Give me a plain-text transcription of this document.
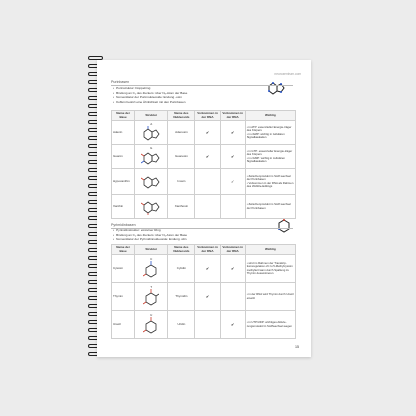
neurozentrum.com
Purinbasen
• Purinstruktur: Doppelring
• Bindung an C₁ des Zuckers: über N₉-Atom der Base
• Nomenklatur der Purinnukleoside: Endung -osin
• Koffein besitzt eine Ähnlichkeit mit den Purinbasen
Name der Base	Struktur	Name des Nukleosids	Vorkommen in der DNA	Vorkommen in der RNA	Wichtig
Adenin	A	Adenosin	✔	✔	• in ATP: essenzieller Energie-träger des Körpers
• in cAMP: wichtig in zellulären Signalkaskaden

Guanin	G	Guanosin	✔	✔	• in GTP: essenzieller Energie-träger des Körpers
• in cGMP: wichtig in zellulären Signalkaskaden

Hypoxanthin		Inosin		✓	• Zwischenprodukt im Stoff-wechsel der Purinbasen
• Vorkommen in der RNA als Rahmen des Wobble-Editings

Xanthin		Xanthosin			• Zwischenprodukt im Stoff-wechsel der Purinbasen
Pyrimidinbasen
• Pyrimidinstruktur: einzelner Ring
• Bindung an C₁ des Zuckers: über N₁-Atom der Base
• Nomenklatur der Pyrimidinnukleoside: Endung -idin
Name der Base	Struktur	Name des Nukleosids	Vorkommen in der DNA	Vorkommen in der RNA	Wichtig
Cytosin	C	Cytidin	✔	✔	• wird im Rahmen der Transkrip-tionsregulation oft zu 5-Methylcytosin methyliert kann durch Spaltung zu Thymin desaminieren

Thymin	T	Thymidin	✔		• in der RNA wird Thymin durch Uracil ersetzt

Uracil	U	Uridin		✔	• in UTP/UDP: wichtiges Aktivie-rungsmolekül in Stoffwechsel-wegen
15
